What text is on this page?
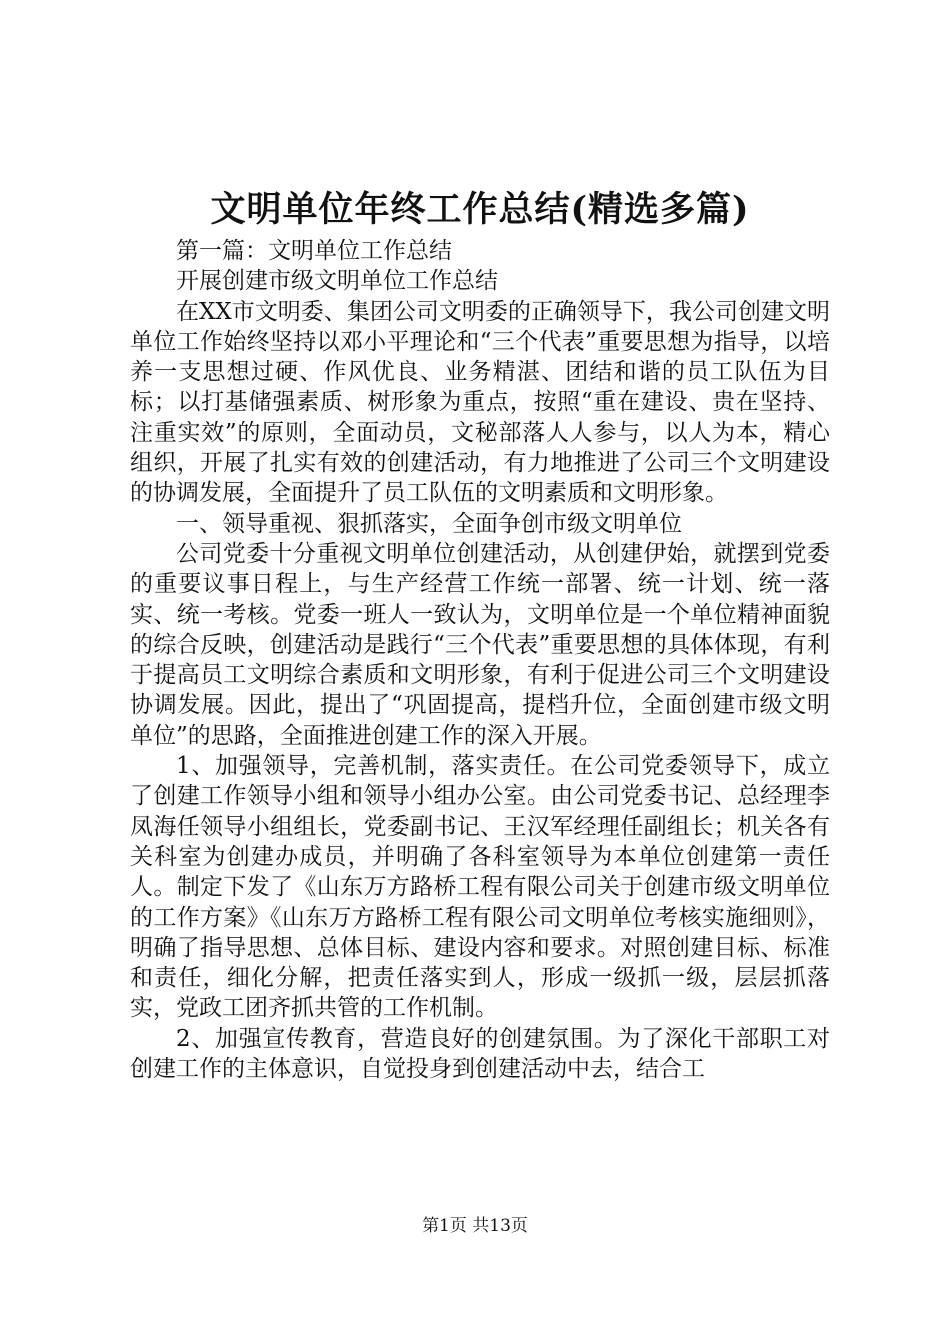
文明单位年终工作总结(精选多篇)

第一篇：文明单位工作总结

开展创建市级文明单位工作总结

在XX市文明委、集团公司文明委的正确领导下，我公司创建文明单位工作始终坚持以邓小平理论和“三个代表”重要思想为指导，以培养一支思想过硬、作风优良、业务精湛、团结和谐的员工队伍为目标；以打基储强素质、树形象为重点，按照“重在建设、贵在坚持、注重实效”的原则，全面动员，文秘部落人人参与，以人为本，精心组织，开展了扎实有效的创建活动，有力地推进了公司三个文明建设的协调发展，全面提升了员工队伍的文明素质和文明形象。

一、领导重视、狠抓落实，全面争创市级文明单位

公司党委十分重视文明单位创建活动，从创建伊始，就摆到党委的重要议事日程上，与生产经营工作统一部署、统一计划、统一落实、统一考核。党委一班人一致认为，文明单位是一个单位精神面貌的综合反映，创建活动是践行“三个代表”重要思想的具体体现，有利于提高员工文明综合素质和文明形象，有利于促进公司三个文明建设协调发展。因此，提出了“巩固提高，提档升位，全面创建市级文明单位”的思路，全面推进创建工作的深入开展。

1、加强领导，完善机制，落实责任。在公司党委领导下，成立了创建工作领导小组和领导小组办公室。由公司党委书记、总经理李凤海任领导小组组长，党委副书记、王汉军经理任副组长；机关各有关科室为创建办成员，并明确了各科室领导为本单位创建第一责任人。制定下发了《山东万方路桥工程有限公司关于创建市级文明单位的工作方案》《山东万方路桥工程有限公司文明单位考核实施细则》，明确了指导思想、总体目标、建设内容和要求。对照创建目标、标准和责任，细化分解，把责任落实到人，形成一级抓一级，层层抓落实，党政工团齐抓共管的工作机制。

2、加强宣传教育，营造良好的创建氛围。为了深化干部职工对创建工作的主体意识，自觉投身到创建活动中去，结合工

第1页 共13页
